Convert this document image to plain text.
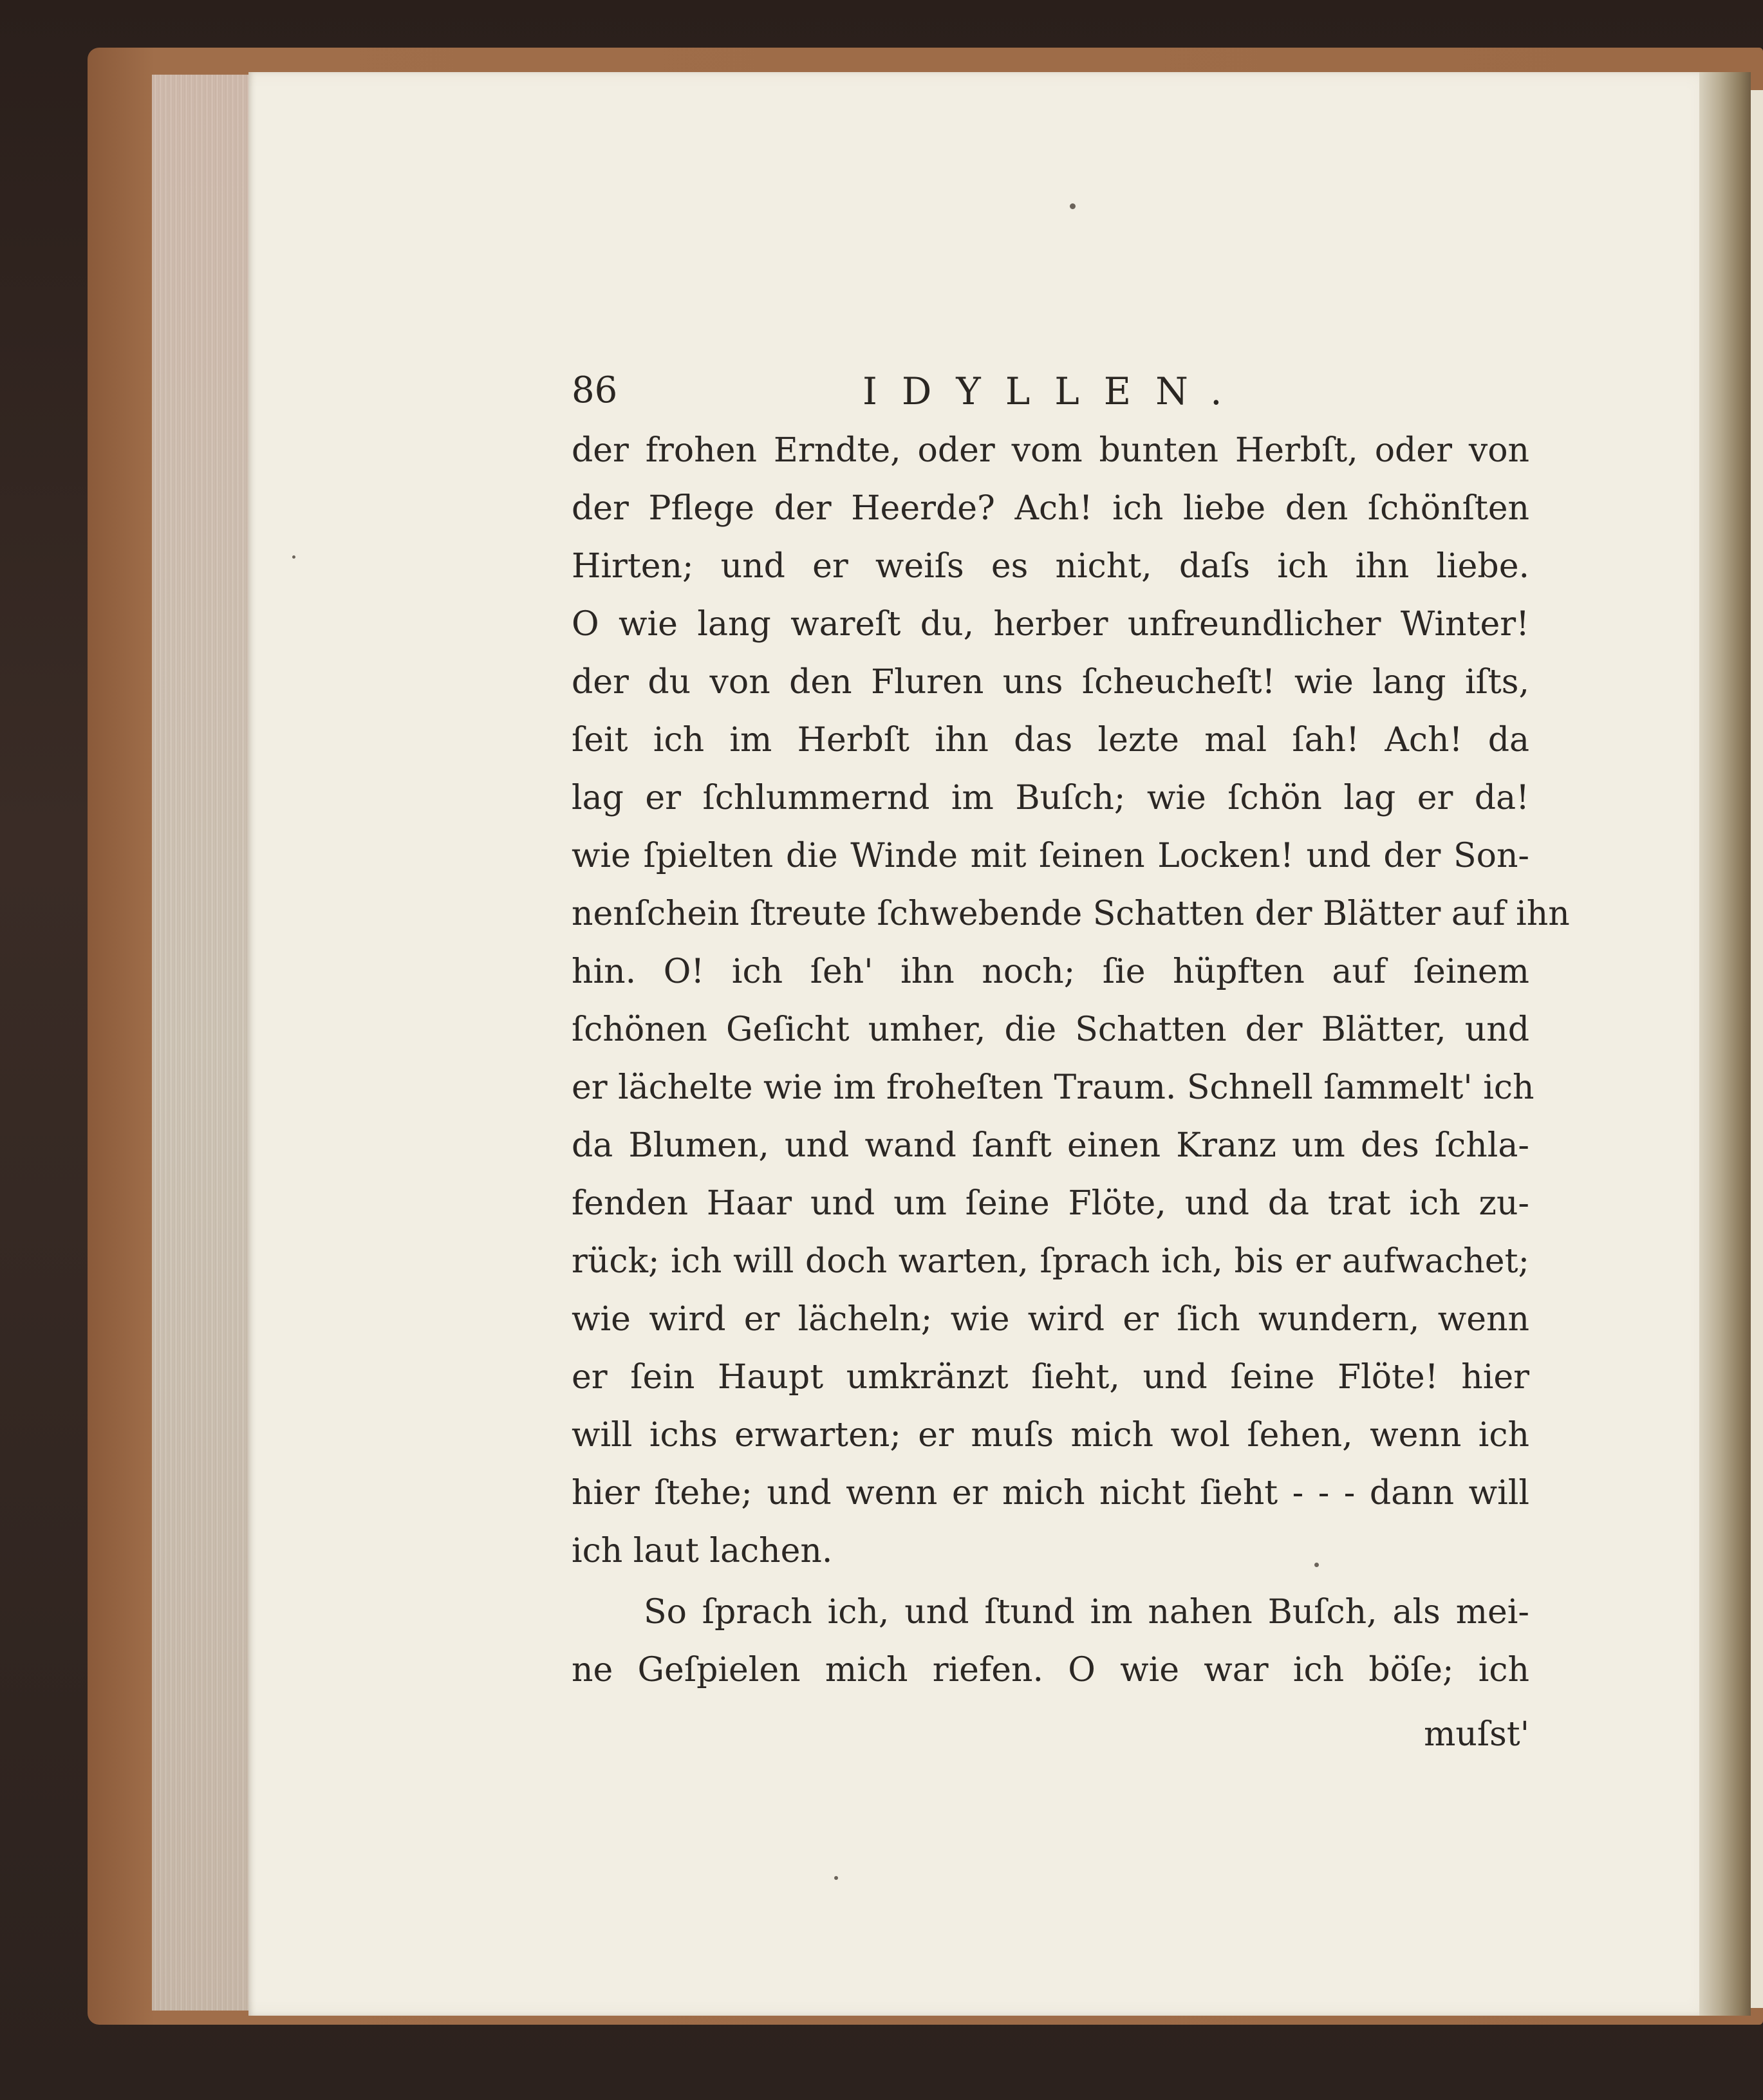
86	IDYLLEN.
der frohen Erndte, oder vom bunten Herbſt, oder von
der Pflege der Heerde? Ach! ich liebe den ſchönſten
Hirten; und er weiſs es nicht, daſs ich ihn liebe.
O wie lang wareſt du, herber unfreundlicher Winter!
der du von den Fluren uns ſcheucheſt! wie lang iſts,
ſeit ich im Herbſt ihn das lezte mal ſah! Ach! da
lag er ſchlummernd im Buſch; wie ſchön lag er da!
wie ſpielten die Winde mit ſeinen Locken! und der Son-
nenſchein ſtreute ſchwebende Schatten der Blätter auf ihn
hin. O! ich ſeh' ihn noch; ſie hüpften auf ſeinem
ſchönen Geſicht umher, die Schatten der Blätter, und
er lächelte wie im froheſten Traum. Schnell ſammelt' ich
da Blumen, und wand ſanft einen Kranz um des ſchla-
fenden Haar und um ſeine Flöte, und da trat ich zu-
rück; ich will doch warten, ſprach ich, bis er aufwachet;
wie wird er lächeln; wie wird er ſich wundern, wenn
er ſein Haupt umkränzt ſieht, und ſeine Flöte! hier
will ichs erwarten; er muſs mich wol ſehen, wenn ich
hier ſtehe; und wenn er mich nicht ſieht - - - dann will
ich laut lachen.
So ſprach ich, und ſtund im nahen Buſch, als mei-
ne Geſpielen mich riefen. O wie war ich böſe; ich
muſst'
